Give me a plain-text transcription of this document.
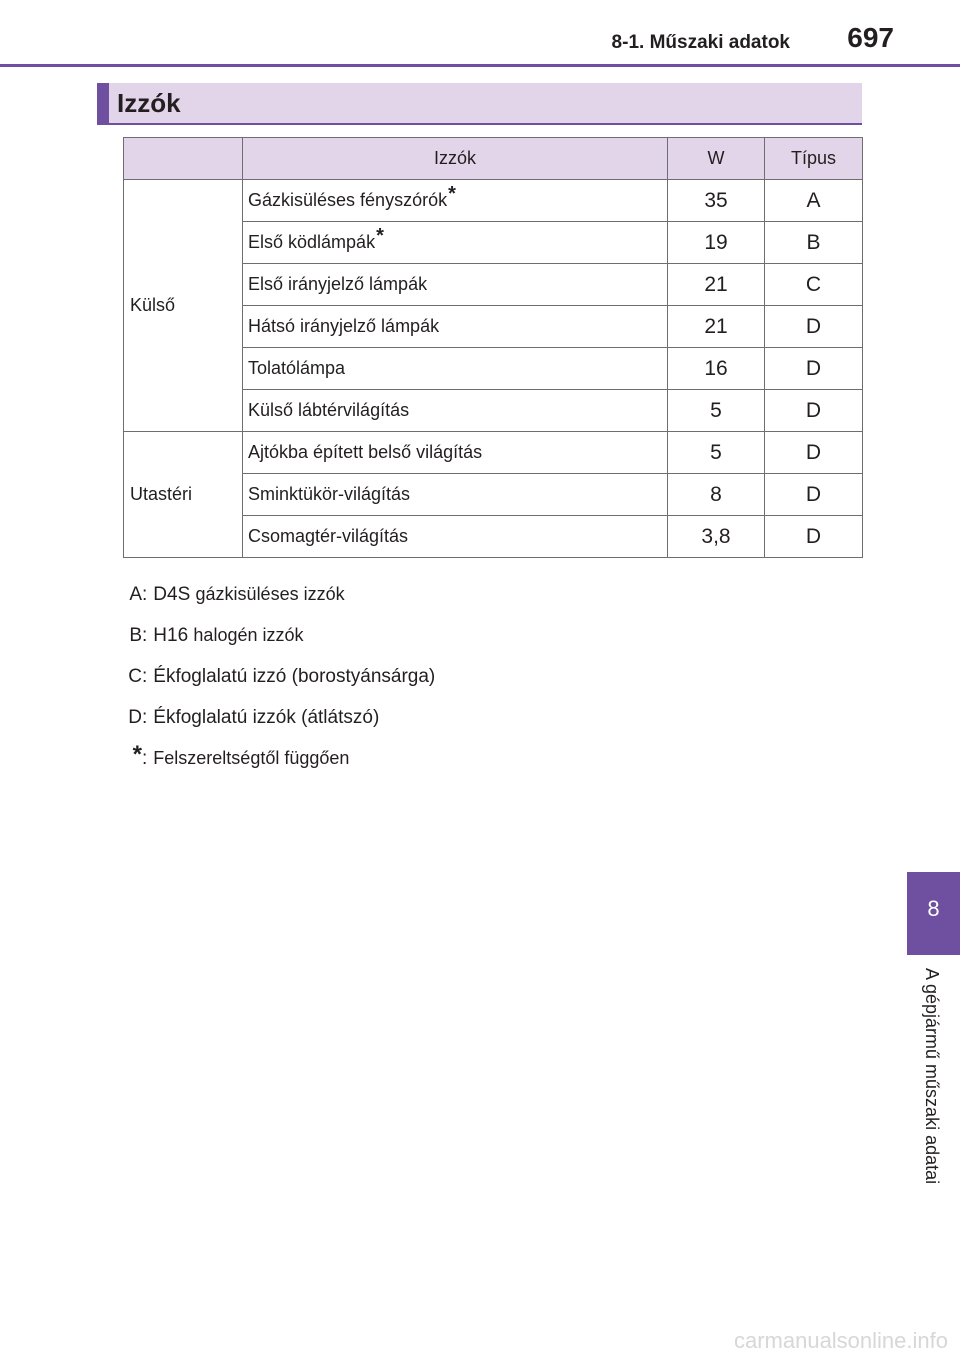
8-1. Műszaki adatok 697
Izzók
	Izzók	W	Típus
Külső	Gázkisüléses fényszórók*	35	A
	Első ködlámpák*	19	B
	Első irányjelző lámpák	21	C
	Hátsó irányjelző lámpák	21	D
	Tolatólámpa	16	D
	Külső lábtérvilágítás	5	D
Utastéri	Ajtókba épített belső világítás	5	D
	Sminktükör-világítás	8	D
	Csomagtér-világítás	3,8	D
A : D4S
gázkisüléses izzók
B : H16
halogén izzók
C : Ékfoglalatú izzó (borostyánsárga)
D : Ékfoglalatú izzók (átlátszó)
* : Felszereltségtől függően
8
A gépjármű műszaki adatai
carmanualsonline.info
